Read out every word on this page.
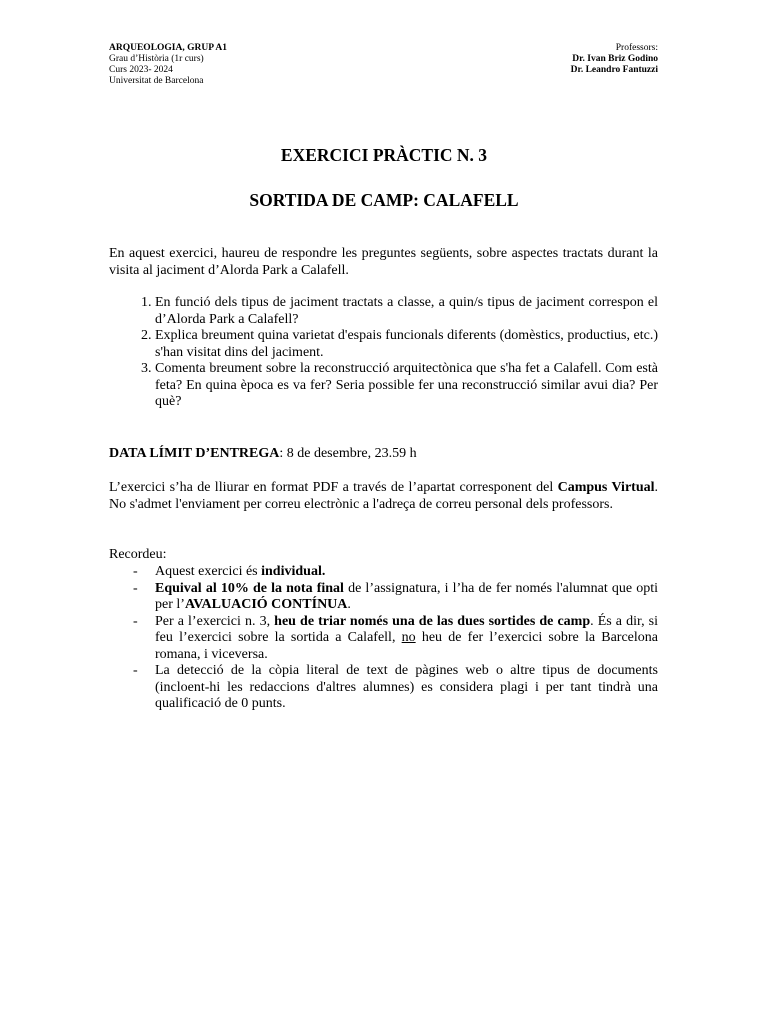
ARQUEOLOGIA, GRUP A1
Grau d’Història (1r curs)
Curs 2023- 2024
Universitat de Barcelona
Professors:
Dr. Ivan Briz Godino
Dr. Leandro Fantuzzi
EXERCICI PRÀCTIC N. 3
SORTIDA DE CAMP: CALAFELL
En aquest exercici, haureu de respondre les preguntes següents, sobre aspectes tractats durant la visita al jaciment d’Alorda Park a Calafell.
1. En funció dels tipus de jaciment tractats a classe, a quin/s tipus de jaciment correspon el d’Alorda Park a Calafell?
2. Explica breument quina varietat d'espais funcionals diferents (domèstics, productius, etc.) s'han visitat dins del jaciment.
3. Comenta breument sobre la reconstrucció arquitectònica que s'ha fet a Calafell. Com està feta? En quina època es va fer? Seria possible fer una reconstrucció similar avui dia? Per què?
DATA LÍMIT D’ENTREGA: 8 de desembre, 23.59 h
L’exercici s’ha de lliurar en format PDF a través de l’apartat corresponent del Campus Virtual. No s'admet l'enviament per correu electrònic a l'adreça de correu personal dels professors.
Recordeu:
- Aquest exercici és individual.
- Equival al 10% de la nota final de l’assignatura, i l’ha de fer només l'alumnat que opti per l’AVALUACIÓ CONTÍNUA.
- Per a l’exercici n. 3, heu de triar només una de las dues sortides de camp. És a dir, si feu l’exercici sobre la sortida a Calafell, no heu de fer l’exercici sobre la Barcelona romana, i viceversa.
- La detecció de la còpia literal de text de pàgines web o altre tipus de documents (incloent-hi les redaccions d'altres alumnes) es considera plagi i per tant tindrà una qualificació de 0 punts.
